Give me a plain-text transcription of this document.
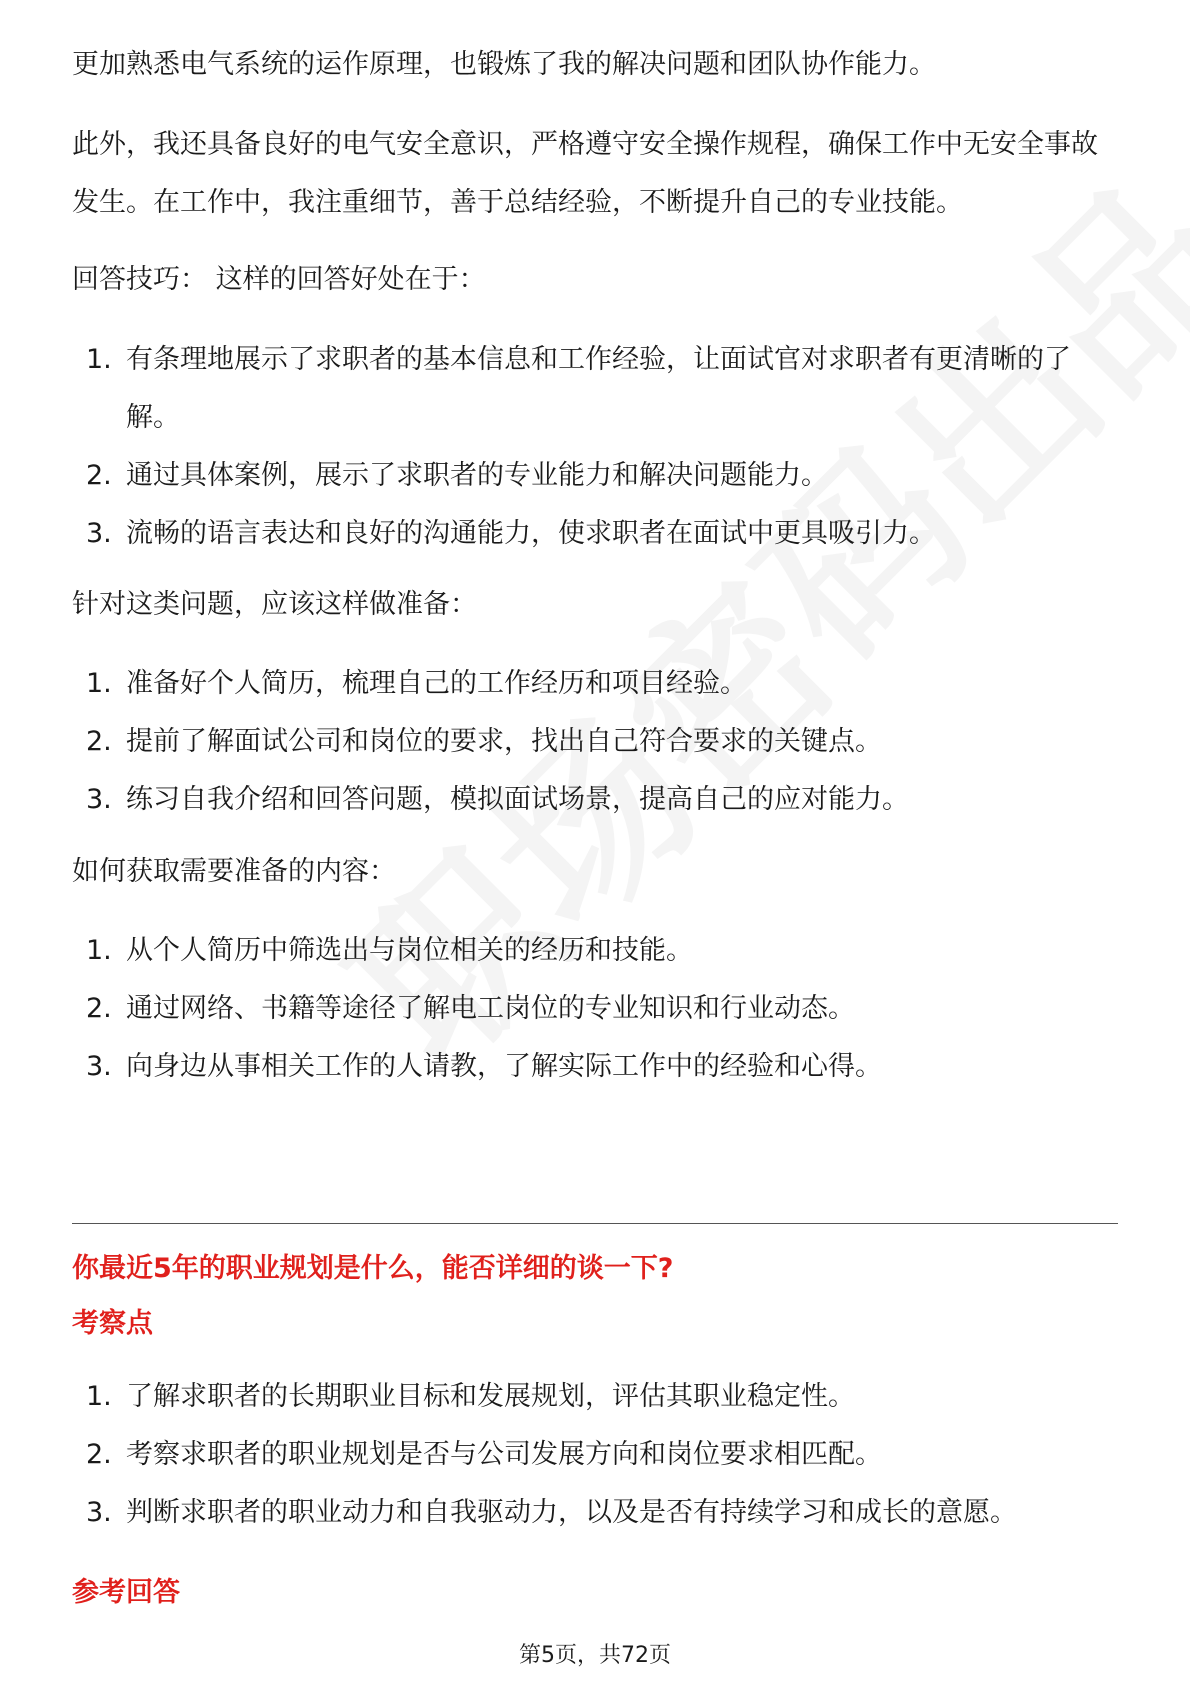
更加熟悉电气系统的运作原理，也锻炼了我的解决问题和团队协作能力。

此外，我还具备良好的电气安全意识，严格遵守安全操作规程，确保工作中无安全事故发生。在工作中，我注重细节，善于总结经验，不断提升自己的专业技能。

回答技巧： 这样的回答好处在于：

1. 有条理地展示了求职者的基本信息和工作经验，让面试官对求职者有更清晰的了解。
2. 通过具体案例，展示了求职者的专业能力和解决问题能力。
3. 流畅的语言表达和良好的沟通能力，使求职者在面试中更具吸引力。

针对这类问题，应该这样做准备：

1. 准备好个人简历，梳理自己的工作经历和项目经验。
2. 提前了解面试公司和岗位的要求，找出自己符合要求的关键点。
3. 练习自我介绍和回答问题，模拟面试场景，提高自己的应对能力。

如何获取需要准备的内容：

1. 从个人简历中筛选出与岗位相关的经历和技能。
2. 通过网络、书籍等途径了解电工岗位的专业知识和行业动态。
3. 向身边从事相关工作的人请教，了解实际工作中的经验和心得。

你最近5年的职业规划是什么，能否详细的谈一下?

考察点

1. 了解求职者的长期职业目标和发展规划，评估其职业稳定性。
2. 考察求职者的职业规划是否与公司发展方向和岗位要求相匹配。
3. 判断求职者的职业动力和自我驱动力，以及是否有持续学习和成长的意愿。

参考回答

第5页，共72页
